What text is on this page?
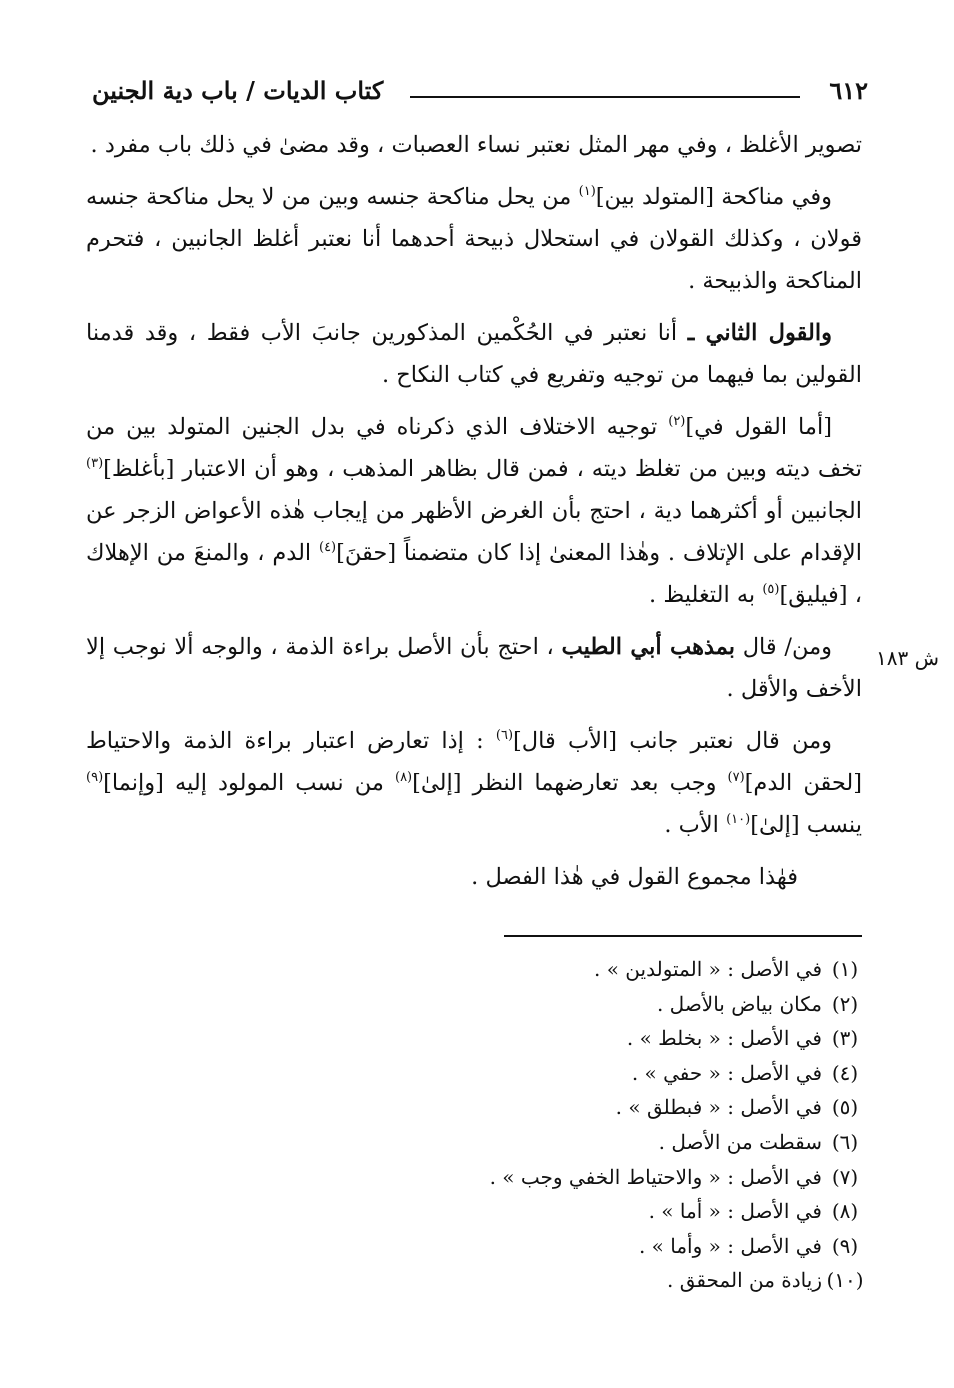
٦١٢
كتاب الديات / باب دية الجنين
ش ١٨٣

تصوير الأغلظ ، وفي مهر المثل نعتبر نساء العصبات ، وقد مضىٰ في ذلك باب مفرد .

وفي مناكحة [المتولد بين]$^{(١)}$ من يحل مناكحة جنسه وبين من لا يحل مناكحة جنسه قولان ، وكذلك القولان في استحلال ذبيحة أحدهما أنا نعتبر أغلظ الجانبين ، فتحرم المناكحة والذبيحة .

والقول الثاني ـ أنا نعتبر في الحُكْمين المذكورين جانبَ الأب فقط ، وقد قدمنا القولين بما فيهما من توجيه وتفريع في كتاب النكاح .

[أما القول في]$^{(٢)}$ توجيه الاختلاف الذي ذكرناه في بدل الجنين المتولد بين من تخف ديته وبين من تغلظ ديته ، فمن قال بظاهر المذهب ، وهو أن الاعتبار [بأغلظ]$^{(٣)}$ الجانبين أو أكثرهما دية ، احتج بأن الغرض الأظهر من إيجاب هٰذه الأعواض الزجر عن الإقدام على الإتلاف . وهٰذا المعنىٰ إذا كان متضمناً [حقنَ]$^{(٤)}$ الدم ، والمنعَ من الإهلاك ، [فيليق]$^{(٥)}$ به التغليظ .

ومن/ قال بمذهب أبي الطيب ، احتج بأن الأصل براءة الذمة ، والوجه ألا نوجب إلا الأخف والأقل .

ومن قال نعتبر جانب [الأب قال]$^{(٦)}$ : إذا تعارض اعتبار براءة الذمة والاحتياط [لحقن الدم]$^{(٧)}$ وجب بعد تعارضهما النظر [إلىٰ]$^{(٨)}$ من نسب المولود إليه [وإنما]$^{(٩)}$ ينسب [إلىٰ]$^{(١٠)}$ الأب .

فهٰذا مجموع القول في هٰذا الفصل .

(١)
في الأصل : « المتولدين » .
(٢)
مكان بياض بالأصل .
(٣)
في الأصل : « بخلط » .
(٤)
في الأصل : « حفي » .
(٥)
في الأصل : « فبطلق » .
(٦)
سقطت من الأصل .
(٧)
في الأصل : « والاحتياط الخفي وجب » .
(٨)
في الأصل : « أما » .
(٩)
في الأصل : « وأما » .
(١٠)
زيادة من المحقق .
